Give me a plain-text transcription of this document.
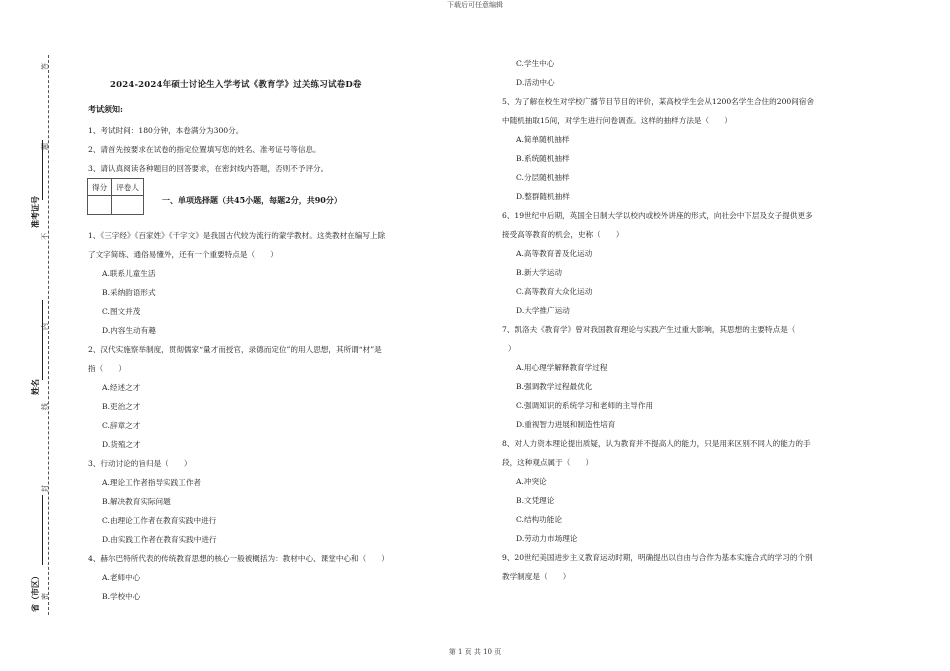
下载后可任意编辑
答
题
不
内
线
封
密
准考证号
姓名
省（市区）
2024-2024年硕士讨论生入学考试《教育学》过关练习试卷D卷
考试须知:
1、考试时间：180分钟，本卷满分为300分。
2、请首先按要求在试卷的指定位置填写您的姓名、准考证号等信息。
3、请认真阅读各种题目的回答要求，在密封线内答题，否则不予评分。
得分	评卷人

一、单项选择题（共45小题，每题2分，共90分）
1、《三字经》《百家姓》《千字文》是我国古代较为流行的蒙学教材。这类教材在编写上除
了文字简练、通俗易懂外，还有一个重要特点是（　　）
A.联系儿童生活
B.采纳韵语形式
C.图文并茂
D.内容生动有趣
2、汉代实施察举制度，贯彻儒家“量才而授官，录德而定位”的用人思想，其所谓“材”是
指（　　）
A.经述之才
B.吏治之才
C.辞章之才
D.货殖之才
3、行动讨论的旨归是（　　）
A.理论工作者指导实践工作者
B.解决教育实际问题
C.由理论工作者在教育实践中进行
D.由实践工作者在教育实践中进行
4、赫尔巴特所代表的传统教育思想的核心一般被概括为：教材中心、课堂中心和（　　）
A.老师中心
B.学校中心
C.学生中心
D.活动中心
5、为了解在校生对学校广播节目节目的评价，某高校学生会从1200名学生合住的200间宿舍
中随机抽取15间，对学生进行问卷调查。这样的抽样方法是（　　）
A.简单随机抽样
B.系统随机抽样
C.分层随机抽样
D.整群随机抽样
6、19世纪中后期，英国全日制大学以校内或校外讲座的形式，向社会中下层及女子提供更多
接受高等教育的机会，史称（　　）
A.高等教育普及化运动
B.新大学运动
C.高等教育大众化运动
D.大学推广运动
7、凯洛夫《教育学》曾对我国教育理论与实践产生过重大影响，其思想的主要特点是（
）
A.用心理学解释教育学过程
B.强调教学过程最优化
C.强调知识的系统学习和老师的主导作用
D.重视智力进展和制造性培育
8、对人力资本理论提出质疑，认为教育并不提高人的能力，只是用来区别不同人的能力的手
段，这种观点属于（　　）
A.冲突论
B.文凭理论
C.结构功能论
D.劳动力市场理论
9、20世纪美国进步主义教育运动时期，明确提出以自由与合作为基本实施合式的学习的个别
教学制度是（　　）
第 1 页 共 10 页
